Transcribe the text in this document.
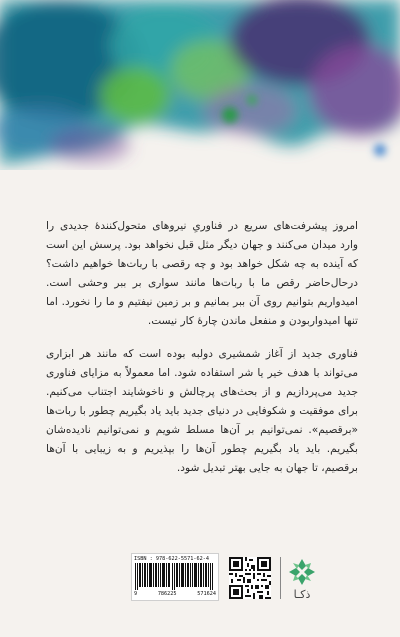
امروز پیشرفت‌های سریع در فناوریِ نیروهای متحول‌کنندهٔ جدیدی را وارد میدان می‌کنند و جهان دیگر مثل قبل نخواهد بود. پرسش این است که آینده به چه شکل خواهد بود و چه رقصی با ربات‌ها خواهیم داشت؟ درحال‌حاضر رقص ما با ربات‌ها مانند سواری بر ببر وحشی است. امیدواریم بتوانیم روی آن ببر بمانیم و بر زمین نیفتیم و ما را نخورد. اما تنها امیدواربودن و منفعل ماندن چارهٔ کار نیست.

فناوری جدید از آغاز شمشیری دولبه بوده است که مانند هر ابزاری می‌تواند با هدف خیر یا شر استفاده شود. اما معمولاً به مزایای فناوری جدید می‌پردازیم و از بحث‌های پرچالش و ناخوشایند اجتناب می‌کنیم. برای موفقیت و شکوفایی در دنیای جدید باید یاد بگیریم چطور با ربات‌ها «برقصیم». نمی‌توانیم بر آن‌ها مسلط شویم و نمی‌توانیم نادیده‌شان بگیریم. باید یاد بگیریم چطور آن‌ها را بپذیریم و به زیبایی با آن‌ها برقصیم، تا جهان به جایی بهتر تبدیل شود.

ISBN : 978-622-5571-62-4
9	786225	571624	ذکـا
